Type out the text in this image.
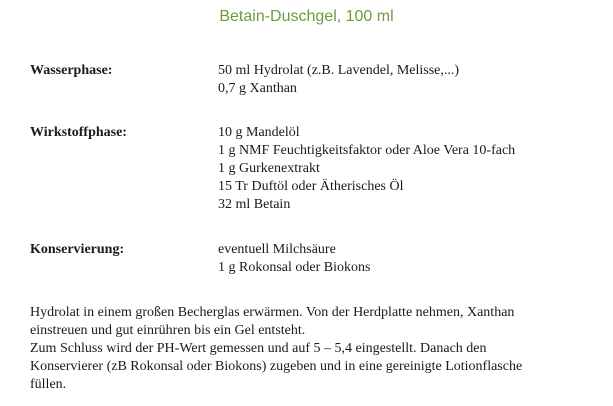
Betain-Duschgel, 100 ml
Wasserphase:	50 ml Hydrolat (z.B. Lavendel, Melisse,...)
0,7 g Xanthan
Wirkstoffphase:	10 g Mandelöl
1 g NMF Feuchtigkeitsfaktor oder Aloe Vera 10-fach
1 g Gurkenextrakt
15 Tr Duftöl oder Ätherisches Öl
32 ml Betain
Konservierung:	eventuell Milchsäure
1 g Rokonsal oder Biokons
Hydrolat in einem großen Becherglas erwärmen. Von der Herdplatte nehmen, Xanthan
einstreuen und gut einrühren bis ein Gel entsteht.
Zum Schluss wird der PH-Wert gemessen und auf 5 – 5,4 eingestellt. Danach den
Konservierer (zB Rokonsal oder Biokons) zugeben und in eine gereinigte Lotionflasche
füllen.
